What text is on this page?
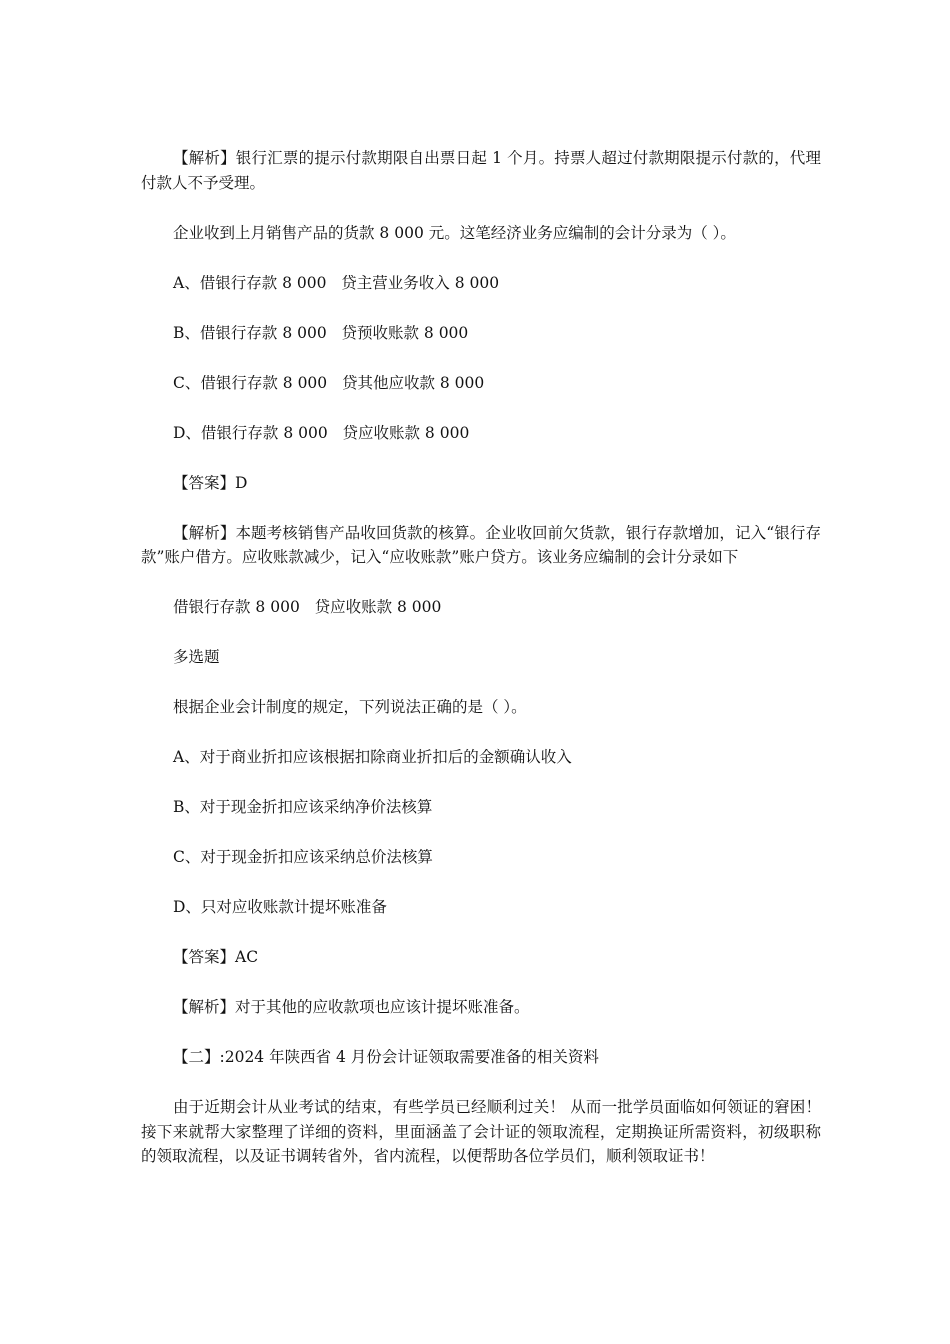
【解析】银行汇票的提示付款期限自出票日起 1 个月。持票人超过付款期限提示付款的，代理付款人不予受理。

企业收到上月销售产品的货款 8 000 元。这笔经济业务应编制的会计分录为（ ）。

A、借银行存款 8 000   贷主营业务收入 8 000

B、借银行存款 8 000   贷预收账款 8 000

C、借银行存款 8 000   贷其他应收款 8 000

D、借银行存款 8 000   贷应收账款 8 000

【答案】D

【解析】本题考核销售产品收回货款的核算。企业收回前欠货款，银行存款增加，记入“银行存款”账户借方。应收账款减少，记入“应收账款”账户贷方。该业务应编制的会计分录如下

借银行存款 8 000   贷应收账款 8 000

多选题

根据企业会计制度的规定，下列说法正确的是（ ）。

A、对于商业折扣应该根据扣除商业折扣后的金额确认收入

B、对于现金折扣应该采纳净价法核算

C、对于现金折扣应该采纳总价法核算

D、只对应收账款计提坏账准备

【答案】AC

【解析】对于其他的应收款项也应该计提坏账准备。

【二】:2024 年陕西省 4 月份会计证领取需要准备的相关资料

由于近期会计从业考试的结束，有些学员已经顺利过关！ 从而一批学员面临如何领证的窘困！接下来就帮大家整理了详细的资料，里面涵盖了会计证的领取流程，定期换证所需资料，初级职称的领取流程，以及证书调转省外，省内流程，以便帮助各位学员们，顺利领取证书！
